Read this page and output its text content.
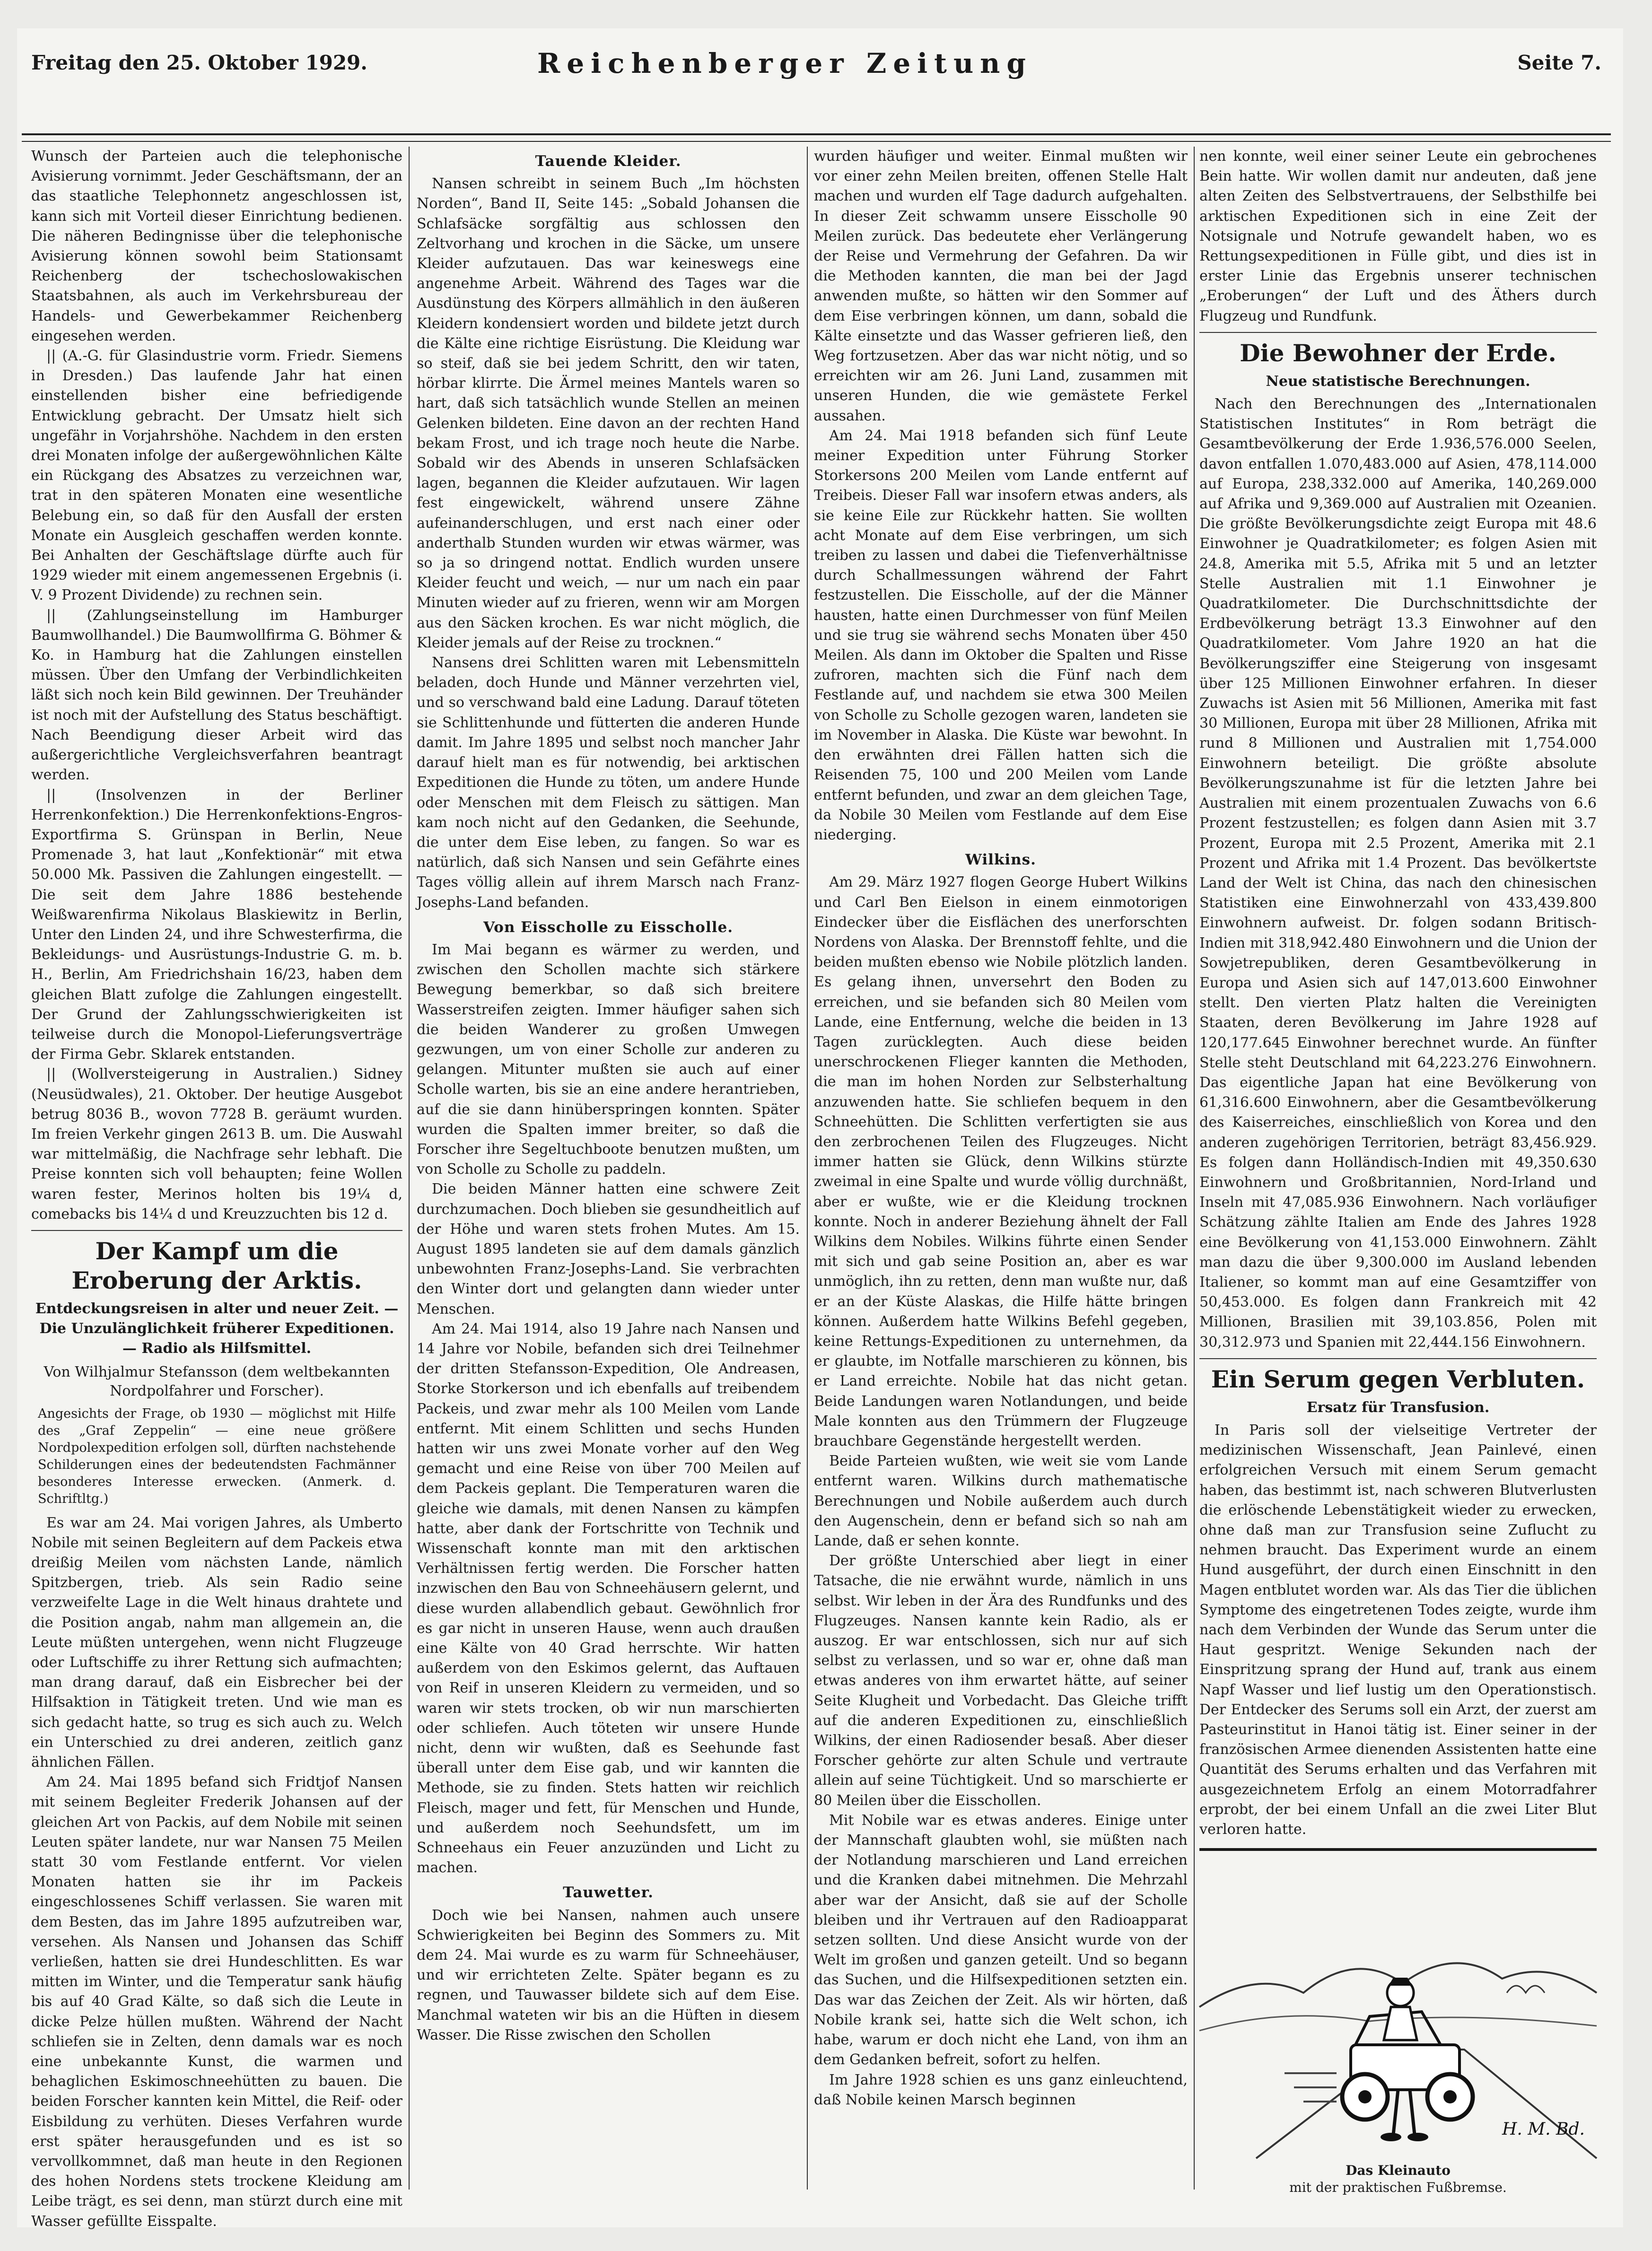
Freitag den 25. Oktober 1929.	Reichenberger Zeitung	Seite 7.

Wunsch der Parteien auch die telephonische Avisierung vornimmt. Jeder Geschäftsmann, der an das staatliche Telephonnetz angeschlossen ist, kann sich mit Vorteil dieser Einrichtung bedienen. Die näheren Bedingnisse über die telephonische Avisierung können sowohl beim Stationsamt Reichenberg der tschechoslowakischen Staatsbahnen, als auch im Verkehrsbureau der Handels- und Gewerbekammer Reichenberg eingesehen werden.

|| (A.-G. für Glasindustrie vorm. Friedr. Siemens in Dresden.) Das laufende Jahr hat einen einstellenden bisher eine befriedigende Entwicklung gebracht. Der Umsatz hielt sich ungefähr in Vorjahrshöhe. Nachdem in den ersten drei Monaten infolge der außergewöhnlichen Kälte ein Rückgang des Absatzes zu verzeichnen war, trat in den späteren Monaten eine wesentliche Belebung ein, so daß für den Ausfall der ersten Monate ein Ausgleich geschaffen werden konnte. Bei Anhalten der Geschäftslage dürfte auch für 1929 wieder mit einem angemessenen Ergebnis (i. V. 9 Prozent Dividende) zu rechnen sein.

|| (Zahlungseinstellung im Hamburger Baumwollhandel.) Die Baumwollfirma G. Böhmer & Ko. in Hamburg hat die Zahlungen einstellen müssen. Über den Umfang der Verbindlichkeiten läßt sich noch kein Bild gewinnen. Der Treuhänder ist noch mit der Aufstellung des Status beschäftigt. Nach Beendigung dieser Arbeit wird das außergerichtliche Vergleichsverfahren beantragt werden.

|| (Insolvenzen in der Berliner Herrenkonfektion.) Die Herrenkonfektions-Engros-Exportfirma S. Grünspan in Berlin, Neue Promenade 3, hat laut „Konfektionär“ mit etwa 50.000 Mk. Passiven die Zahlungen eingestellt. — Die seit dem Jahre 1886 bestehende Weißwarenfirma Nikolaus Blaskiewitz in Berlin, Unter den Linden 24, und ihre Schwesterfirma, die Bekleidungs- und Ausrüstungs-Industrie G. m. b. H., Berlin, Am Friedrichshain 16/23, haben dem gleichen Blatt zufolge die Zahlungen eingestellt. Der Grund der Zahlungsschwierigkeiten ist teilweise durch die Monopol-Lieferungsverträge der Firma Gebr. Sklarek entstanden.

|| (Wollversteigerung in Australien.) Sidney (Neusüdwales), 21. Oktober. Der heutige Ausgebot betrug 8036 B., wovon 7728 B. geräumt wurden. Im freien Verkehr gingen 2613 B. um. Die Auswahl war mittelmäßig, die Nachfrage sehr lebhaft. Die Preise konnten sich voll behaupten; feine Wollen waren fester, Merinos holten bis 19¼ d, comebacks bis 14¼ d und Kreuzzuchten bis 12 d.

Der Kampf um die Eroberung der Arktis.
Entdeckungsreisen in alter und neuer Zeit. — Die Unzulänglichkeit früherer Expeditionen. — Radio als Hilfsmittel.
Von Wilhjalmur Stefansson (dem weltbekannten Nordpolfahrer und Forscher).
Angesichts der Frage, ob 1930 — möglichst mit Hilfe des „Graf Zeppelin“ — eine neue größere Nordpolexpedition erfolgen soll, dürften nachstehende Schilderungen eines der bedeutendsten Fachmänner besonderes Interesse erwecken. (Anmerk. d. Schriftltg.)

Es war am 24. Mai vorigen Jahres, als Umberto Nobile mit seinen Begleitern auf dem Packeis etwa dreißig Meilen vom nächsten Lande, nämlich Spitzbergen, trieb. Als sein Radio seine verzweifelte Lage in die Welt hinaus drahtete und die Position angab, nahm man allgemein an, die Leute müßten untergehen, wenn nicht Flugzeuge oder Luftschiffe zu ihrer Rettung sich aufmachten; man drang darauf, daß ein Eisbrecher bei der Hilfsaktion in Tätigkeit treten. Und wie man es sich gedacht hatte, so trug es sich auch zu. Welch ein Unterschied zu drei anderen, zeitlich ganz ähnlichen Fällen.

Am 24. Mai 1895 befand sich Fridtjof Nansen mit seinem Begleiter Frederik Johansen auf der gleichen Art von Packis, auf dem Nobile mit seinen Leuten später landete, nur war Nansen 75 Meilen statt 30 vom Festlande entfernt. Vor vielen Monaten hatten sie ihr im Packeis eingeschlossenes Schiff verlassen. Sie waren mit dem Besten, das im Jahre 1895 aufzutreiben war, versehen. Als Nansen und Johansen das Schiff verließen, hatten sie drei Hundeschlitten. Es war mitten im Winter, und die Temperatur sank häufig bis auf 40 Grad Kälte, so daß sich die Leute in dicke Pelze hüllen mußten. Während der Nacht schliefen sie in Zelten, denn damals war es noch eine unbekannte Kunst, die warmen und behaglichen Eskimoschneehütten zu bauen. Die beiden Forscher kannten kein Mittel, die Reif- oder Eisbildung zu verhüten. Dieses Verfahren wurde erst später herausgefunden und es ist so vervollkommnet, daß man heute in den Regionen des hohen Nordens stets trockene Kleidung am Leibe trägt, es sei denn, man stürzt durch eine mit Wasser gefüllte Eisspalte.

Tauende Kleider.

Nansen schreibt in seinem Buch „Im höchsten Norden“, Band II, Seite 145: „Sobald Johansen die Schlafsäcke sorgfältig aus schlossen den Zeltvorhang und krochen in die Säcke, um unsere Kleider aufzutauen. Das war keineswegs eine angenehme Arbeit. Während des Tages war die Ausdünstung des Körpers allmählich in den äußeren Kleidern kondensiert worden und bildete jetzt durch die Kälte eine richtige Eisrüstung. Die Kleidung war so steif, daß sie bei jedem Schritt, den wir taten, hörbar klirrte. Die Ärmel meines Mantels waren so hart, daß sich tatsächlich wunde Stellen an meinen Gelenken bildeten. Eine davon an der rechten Hand bekam Frost, und ich trage noch heute die Narbe. Sobald wir des Abends in unseren Schlafsäcken lagen, begannen die Kleider aufzutauen. Wir lagen fest eingewickelt, während unsere Zähne aufeinanderschlugen, und erst nach einer oder anderthalb Stunden wurden wir etwas wärmer, was so ja so dringend nottat. Endlich wurden unsere Kleider feucht und weich, — nur um nach ein paar Minuten wieder auf zu frieren, wenn wir am Morgen aus den Säcken krochen. Es war nicht möglich, die Kleider jemals auf der Reise zu trocknen.“

Nansens drei Schlitten waren mit Lebensmitteln beladen, doch Hunde und Männer verzehrten viel, und so verschwand bald eine Ladung. Darauf töteten sie Schlittenhunde und fütterten die anderen Hunde damit. Im Jahre 1895 und selbst noch mancher Jahr darauf hielt man es für notwendig, bei arktischen Expeditionen die Hunde zu töten, um andere Hunde oder Menschen mit dem Fleisch zu sättigen. Man kam noch nicht auf den Gedanken, die Seehunde, die unter dem Eise leben, zu fangen. So war es natürlich, daß sich Nansen und sein Gefährte eines Tages völlig allein auf ihrem Marsch nach Franz-Josephs-Land befanden.

Von Eisscholle zu Eisscholle.

Im Mai begann es wärmer zu werden, und zwischen den Schollen machte sich stärkere Bewegung bemerkbar, so daß sich breitere Wasserstreifen zeigten. Immer häufiger sahen sich die beiden Wanderer zu großen Umwegen gezwungen, um von einer Scholle zur anderen zu gelangen. Mitunter mußten sie auch auf einer Scholle warten, bis sie an eine andere herantrieben, auf die sie dann hinüberspringen konnten. Später wurden die Spalten immer breiter, so daß die Forscher ihre Segeltuchboote benutzen mußten, um von Scholle zu Scholle zu paddeln.

Die beiden Männer hatten eine schwere Zeit durchzumachen. Doch blieben sie gesundheitlich auf der Höhe und waren stets frohen Mutes. Am 15. August 1895 landeten sie auf dem damals gänzlich unbewohnten Franz-Josephs-Land. Sie verbrachten den Winter dort und gelangten dann wieder unter Menschen.

Am 24. Mai 1914, also 19 Jahre nach Nansen und 14 Jahre vor Nobile, befanden sich drei Teilnehmer der dritten Stefansson-Expedition, Ole Andreasen, Storke Storkerson und ich ebenfalls auf treibendem Packeis, und zwar mehr als 100 Meilen vom Lande entfernt. Mit einem Schlitten und sechs Hunden hatten wir uns zwei Monate vorher auf den Weg gemacht und eine Reise von über 700 Meilen auf dem Packeis geplant. Die Temperaturen waren die gleiche wie damals, mit denen Nansen zu kämpfen hatte, aber dank der Fortschritte von Technik und Wissenschaft konnte man mit den arktischen Verhältnissen fertig werden. Die Forscher hatten inzwischen den Bau von Schneehäusern gelernt, und diese wurden allabendlich gebaut. Gewöhnlich fror es gar nicht in unseren Hause, wenn auch draußen eine Kälte von 40 Grad herrschte. Wir hatten außerdem von den Eskimos gelernt, das Auftauen von Reif in unseren Kleidern zu vermeiden, und so waren wir stets trocken, ob wir nun marschierten oder schliefen. Auch töteten wir unsere Hunde nicht, denn wir wußten, daß es Seehunde fast überall unter dem Eise gab, und wir kannten die Methode, sie zu finden. Stets hatten wir reichlich Fleisch, mager und fett, für Menschen und Hunde, und außerdem noch Seehundsfett, um im Schneehaus ein Feuer anzuzünden und Licht zu machen.

Tauwetter.

Doch wie bei Nansen, nahmen auch unsere Schwierigkeiten bei Beginn des Sommers zu. Mit dem 24. Mai wurde es zu warm für Schneehäuser, und wir errichteten Zelte. Später begann es zu regnen, und Tauwasser bildete sich auf dem Eise. Manchmal wateten wir bis an die Hüften in diesem Wasser. Die Risse zwischen den Schollen

wurden häufiger und weiter. Einmal mußten wir vor einer zehn Meilen breiten, offenen Stelle Halt machen und wurden elf Tage dadurch aufgehalten. In dieser Zeit schwamm unsere Eisscholle 90 Meilen zurück. Das bedeutete eher Verlängerung der Reise und Vermehrung der Gefahren. Da wir die Methoden kannten, die man bei der Jagd anwenden mußte, so hätten wir den Sommer auf dem Eise verbringen können, um dann, sobald die Kälte einsetzte und das Wasser gefrieren ließ, den Weg fortzusetzen. Aber das war nicht nötig, und so erreichten wir am 26. Juni Land, zusammen mit unseren Hunden, die wie gemästete Ferkel aussahen.

Am 24. Mai 1918 befanden sich fünf Leute meiner Expedition unter Führung Storker Storkersons 200 Meilen vom Lande entfernt auf Treibeis. Dieser Fall war insofern etwas anders, als sie keine Eile zur Rückkehr hatten. Sie wollten acht Monate auf dem Eise verbringen, um sich treiben zu lassen und dabei die Tiefenverhältnisse durch Schallmessungen während der Fahrt festzustellen. Die Eisscholle, auf der die Männer hausten, hatte einen Durchmesser von fünf Meilen und sie trug sie während sechs Monaten über 450 Meilen. Als dann im Oktober die Spalten und Risse zufroren, machten sich die Fünf nach dem Festlande auf, und nachdem sie etwa 300 Meilen von Scholle zu Scholle gezogen waren, landeten sie im November in Alaska. Die Küste war bewohnt. In den erwähnten drei Fällen hatten sich die Reisenden 75, 100 und 200 Meilen vom Lande entfernt befunden, und zwar an dem gleichen Tage, da Nobile 30 Meilen vom Festlande auf dem Eise niederging.

Wilkins.

Am 29. März 1927 flogen George Hubert Wilkins und Carl Ben Eielson in einem einmotorigen Eindecker über die Eisflächen des unerforschten Nordens von Alaska. Der Brennstoff fehlte, und die beiden mußten ebenso wie Nobile plötzlich landen. Es gelang ihnen, unversehrt den Boden zu erreichen, und sie befanden sich 80 Meilen vom Lande, eine Entfernung, welche die beiden in 13 Tagen zurücklegten. Auch diese beiden unerschrockenen Flieger kannten die Methoden, die man im hohen Norden zur Selbsterhaltung anzuwenden hatte. Sie schliefen bequem in den Schneehütten. Die Schlitten verfertigten sie aus den zerbrochenen Teilen des Flugzeuges. Nicht immer hatten sie Glück, denn Wilkins stürzte zweimal in eine Spalte und wurde völlig durchnäßt, aber er wußte, wie er die Kleidung trocknen konnte. Noch in anderer Beziehung ähnelt der Fall Wilkins dem Nobiles. Wilkins führte einen Sender mit sich und gab seine Position an, aber es war unmöglich, ihn zu retten, denn man wußte nur, daß er an der Küste Alaskas, die Hilfe hätte bringen können. Außerdem hatte Wilkins Befehl gegeben, keine Rettungs-Expeditionen zu unternehmen, da er glaubte, im Notfalle marschieren zu können, bis er Land erreichte. Nobile hat das nicht getan. Beide Landungen waren Notlandungen, und beide Male konnten aus den Trümmern der Flugzeuge brauchbare Gegenstände hergestellt werden.

Beide Parteien wußten, wie weit sie vom Lande entfernt waren. Wilkins durch mathematische Berechnungen und Nobile außerdem auch durch den Augenschein, denn er befand sich so nah am Lande, daß er sehen konnte.

Der größte Unterschied aber liegt in einer Tatsache, die nie erwähnt wurde, nämlich in uns selbst. Wir leben in der Ära des Rundfunks und des Flugzeuges. Nansen kannte kein Radio, als er auszog. Er war entschlossen, sich nur auf sich selbst zu verlassen, und so war er, ohne daß man etwas anderes von ihm erwartet hätte, auf seiner Seite Klugheit und Vorbedacht. Das Gleiche trifft auf die anderen Expeditionen zu, einschließlich Wilkins, der einen Radiosender besaß. Aber dieser Forscher gehörte zur alten Schule und vertraute allein auf seine Tüchtigkeit. Und so marschierte er 80 Meilen über die Eisschollen.

Mit Nobile war es etwas anderes. Einige unter der Mannschaft glaubten wohl, sie müßten nach der Notlandung marschieren und Land erreichen und die Kranken dabei mitnehmen. Die Mehrzahl aber war der Ansicht, daß sie auf der Scholle bleiben und ihr Vertrauen auf den Radioapparat setzen sollten. Und diese Ansicht wurde von der Welt im großen und ganzen geteilt. Und so begann das Suchen, und die Hilfsexpeditionen setzten ein. Das war das Zeichen der Zeit. Als wir hörten, daß Nobile krank sei, hatte sich die Welt schon, ich habe, warum er doch nicht ehe Land, von ihm an dem Gedanken befreit, sofort zu helfen.

Im Jahre 1928 schien es uns ganz einleuchtend, daß Nobile keinen Marsch beginnen

nen konnte, weil einer seiner Leute ein gebrochenes Bein hatte. Wir wollen damit nur andeuten, daß jene alten Zeiten des Selbstvertrauens, der Selbsthilfe bei arktischen Expeditionen sich in eine Zeit der Notsignale und Notrufe gewandelt haben, wo es Rettungsexpeditionen in Fülle gibt, und dies ist in erster Linie das Ergebnis unserer technischen „Eroberungen“ der Luft und des Äthers durch Flugzeug und Rundfunk.

Die Bewohner der Erde.
Neue statistische Berechnungen.

Nach den Berechnungen des „Internationalen Statistischen Institutes“ in Rom beträgt die Gesamtbevölkerung der Erde 1.936,576.000 Seelen, davon entfallen 1.070,483.000 auf Asien, 478,114.000 auf Europa, 238,332.000 auf Amerika, 140,269.000 auf Afrika und 9,369.000 auf Australien mit Ozeanien. Die größte Bevölkerungsdichte zeigt Europa mit 48.6 Einwohner je Quadratkilometer; es folgen Asien mit 24.8, Amerika mit 5.5, Afrika mit 5 und an letzter Stelle Australien mit 1.1 Einwohner je Quadratkilometer. Die Durchschnittsdichte der Erdbevölkerung beträgt 13.3 Einwohner auf den Quadratkilometer. Vom Jahre 1920 an hat die Bevölkerungsziffer eine Steigerung von insgesamt über 125 Millionen Einwohner erfahren. In dieser Zuwachs ist Asien mit 56 Millionen, Amerika mit fast 30 Millionen, Europa mit über 28 Millionen, Afrika mit rund 8 Millionen und Australien mit 1,754.000 Einwohnern beteiligt. Die größte absolute Bevölkerungszunahme ist für die letzten Jahre bei Australien mit einem prozentualen Zuwachs von 6.6 Prozent festzustellen; es folgen dann Asien mit 3.7 Prozent, Europa mit 2.5 Prozent, Amerika mit 2.1 Prozent und Afrika mit 1.4 Prozent. Das bevölkertste Land der Welt ist China, das nach den chinesischen Statistiken eine Einwohnerzahl von 433,439.800 Einwohnern aufweist. Dr. folgen sodann Britisch-Indien mit 318,942.480 Einwohnern und die Union der Sowjetrepubliken, deren Gesamtbevölkerung in Europa und Asien sich auf 147,013.600 Einwohner stellt. Den vierten Platz halten die Vereinigten Staaten, deren Bevölkerung im Jahre 1928 auf 120,177.645 Einwohner berechnet wurde. An fünfter Stelle steht Deutschland mit 64,223.276 Einwohnern. Das eigentliche Japan hat eine Bevölkerung von 61,316.600 Einwohnern, aber die Gesamtbevölkerung des Kaiserreiches, einschließlich von Korea und den anderen zugehörigen Territorien, beträgt 83,456.929. Es folgen dann Holländisch-Indien mit 49,350.630 Einwohnern und Großbritannien, Nord-Irland und Inseln mit 47,085.936 Einwohnern. Nach vorläufiger Schätzung zählte Italien am Ende des Jahres 1928 eine Bevölkerung von 41,153.000 Einwohnern. Zählt man dazu die über 9,300.000 im Ausland lebenden Italiener, so kommt man auf eine Gesamtziffer von 50,453.000. Es folgen dann Frankreich mit 42 Millionen, Brasilien mit 39,103.856, Polen mit 30,312.973 und Spanien mit 22,444.156 Einwohnern.

Ein Serum gegen Verbluten.
Ersatz für Transfusion.

In Paris soll der vielseitige Vertreter der medizinischen Wissenschaft, Jean Painlevé, einen erfolgreichen Versuch mit einem Serum gemacht haben, das bestimmt ist, nach schweren Blutverlusten die erlöschende Lebenstätigkeit wieder zu erwecken, ohne daß man zur Transfusion seine Zuflucht zu nehmen braucht. Das Experiment wurde an einem Hund ausgeführt, der durch einen Einschnitt in den Magen entblutet worden war. Als das Tier die üblichen Symptome des eingetretenen Todes zeigte, wurde ihm nach dem Verbinden der Wunde das Serum unter die Haut gespritzt. Wenige Sekunden nach der Einspritzung sprang der Hund auf, trank aus einem Napf Wasser und lief lustig um den Operationstisch. Der Entdecker des Serums soll ein Arzt, der zuerst am Pasteurinstitut in Hanoi tätig ist. Einer seiner in der französischen Armee dienenden Assistenten hatte eine Quantität des Serums erhalten und das Verfahren mit ausgezeichnetem Erfolg an einem Motorradfahrer erprobt, der bei einem Unfall an die zwei Liter Blut verloren hatte.

H. M. Bd.
Das Kleinauto
mit der praktischen Fußbremse.
